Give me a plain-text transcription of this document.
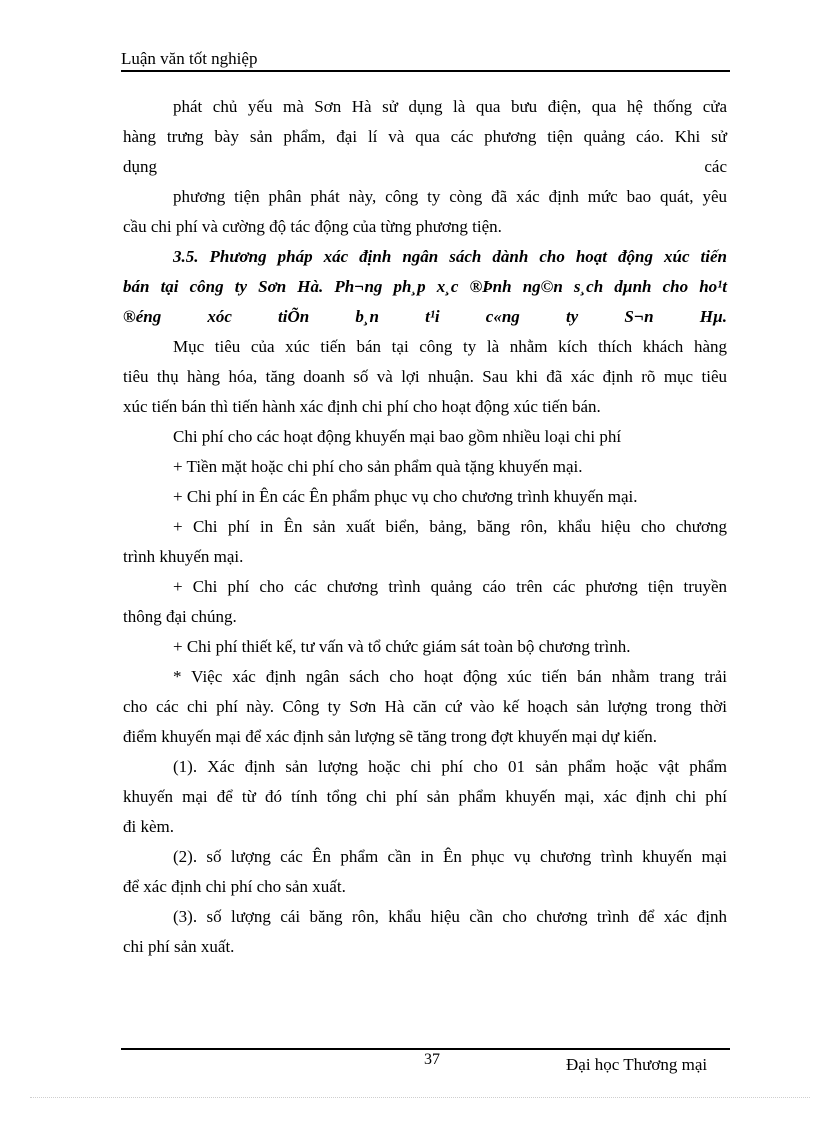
Luận văn tốt nghiệp
phát chủ yếu mà Sơn Hà sử dụng là qua bưu điện, qua hệ thống cửa
hàng trưng bày sản phẩm, đại lí và qua các phương tiện quảng cáo. Khi sử
dụng	các
phương tiện phân phát này, công ty còng đã xác định mức bao quát, yêu
cầu chi phí và cường độ tác động của từng phương tiện.
3.5. Phương pháp xác định ngân sách dành cho hoạt động xúc tiến
bán tại công ty Sơn Hà. Ph¬ng ph¸p x¸c ®Þnh ng©n s¸ch dµnh cho ho¹t
®éng xóc tiÕn b¸n t¹i c«ng ty S¬n Hµ.
Mục tiêu của xúc tiến bán tại công ty là nhằm kích thích khách hàng
tiêu thụ hàng hóa, tăng doanh số và lợi nhuận. Sau khi đã xác định rõ mục tiêu
xúc tiến bán thì tiến hành xác định chi phí cho hoạt động xúc tiến bán.
Chi phí cho các hoạt động khuyến mại bao gồm nhiều loại chi phí
+ Tiền mặt hoặc chi phí cho sản phẩm quà tặng khuyến mại.
+ Chi phí in Ên các Ên phẩm phục vụ cho chương trình khuyến mại.
+ Chi phí in Ên sản xuất biển, bảng, băng rôn, khẩu hiệu cho chương
trình khuyến mại.
+ Chi phí cho các chương trình quảng cáo trên các phương tiện truyền
thông đại chúng.
+ Chi phí thiết kế, tư vấn và tổ chức giám sát toàn bộ chương trình.
* Việc xác định ngân sách cho hoạt động xúc tiến bán nhằm trang trải
cho các chi phí này. Công ty Sơn Hà căn cứ vào kế hoạch sản lượng trong thời
điểm khuyến mại để xác định sản lượng sẽ tăng trong đợt khuyến mại dự kiến.
(1). Xác định sản lượng hoặc chi phí cho 01 sản phẩm hoặc vật phẩm
khuyến mại để từ đó tính tổng chi phí sản phẩm khuyến mại, xác định chi phí
đi kèm.
(2). số lượng các Ên phẩm cần in Ên phục vụ chương trình khuyến mại
để xác định chi phí cho sản xuất.
(3). số lượng cái băng rôn, khẩu hiệu cần cho chương trình để xác định
chi phí sản xuất.
37	Đại học Thương mại
